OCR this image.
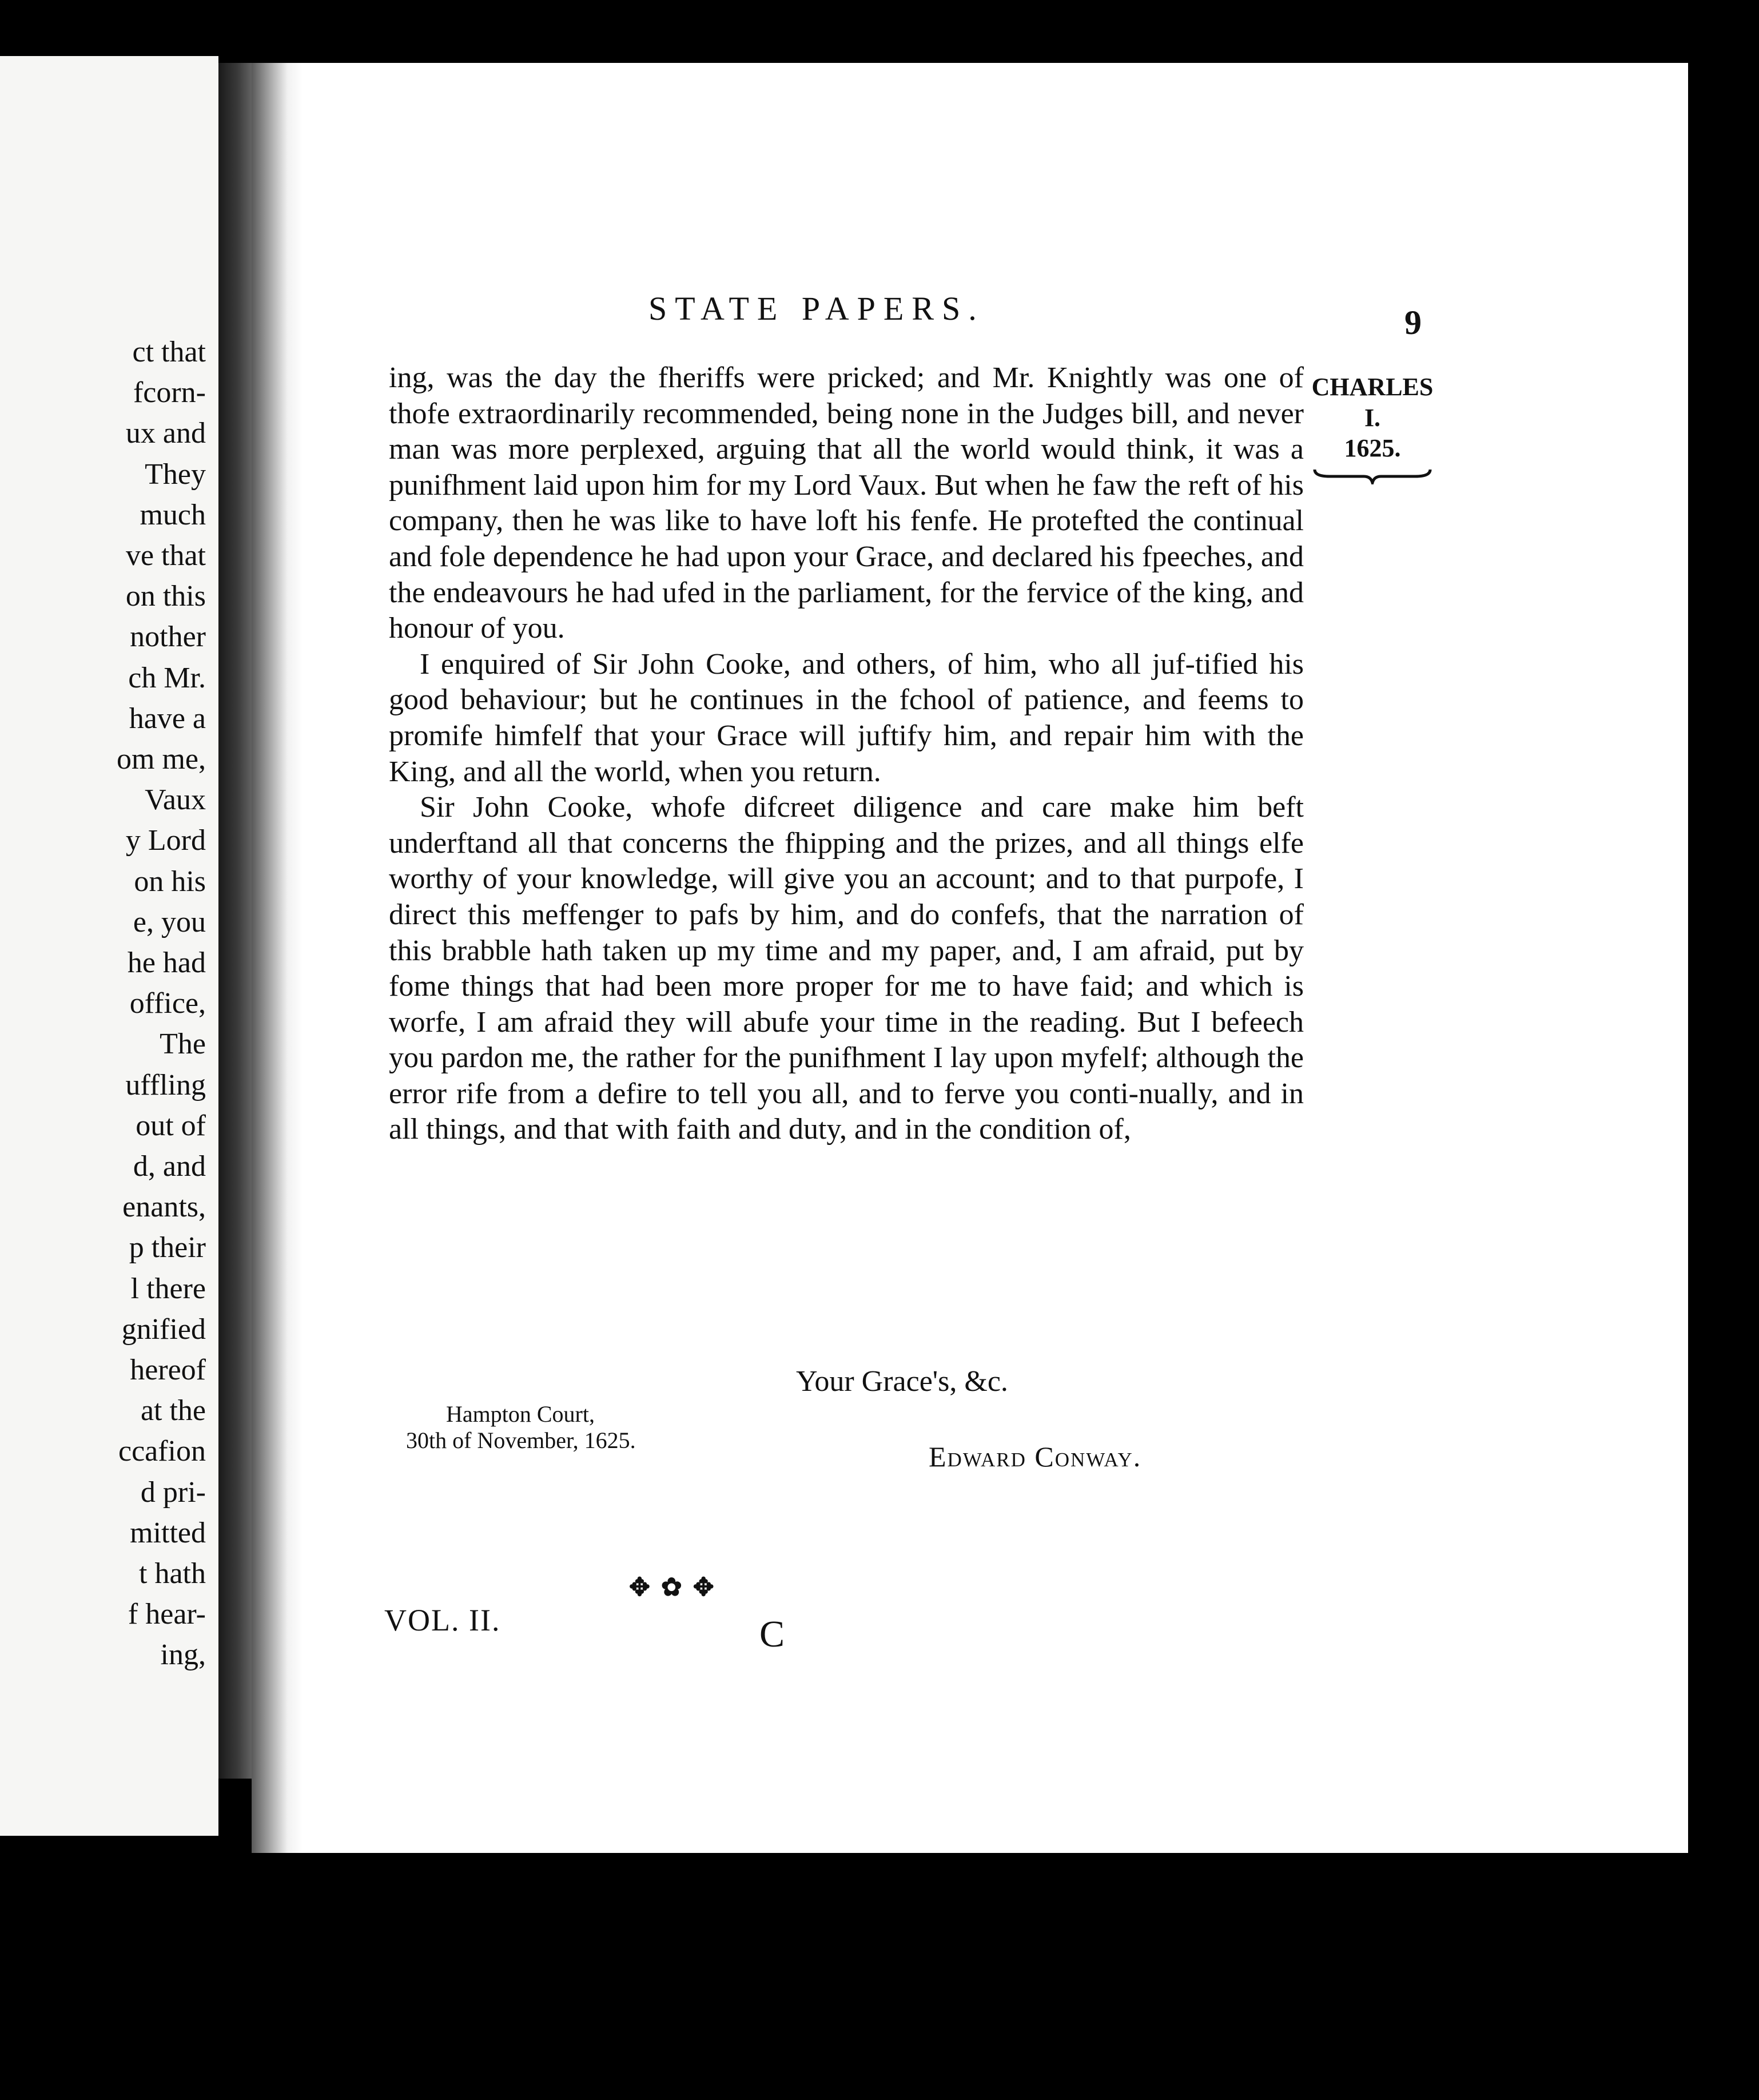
ct that
fcorn-
ux and
They
much
ve that
on this
nother
ch Mr.
have a
om me,
Vaux
y Lord
on his
e, you
he had
office,
The
uffling
out of
d, and
enants,
p their
l there
gnified
hereof
at the
ccafion
d pri-
mitted
t hath
f hear-
ing,
STATE PAPERS.	9
CHARLES
I.
1625.

ing, was the day the fheriffs were pricked; and Mr. Knightly was one of thofe extraordinarily recommended, being none in the Judges bill, and never man was more perplexed, arguing that all the world would think, it was a punifhment laid upon him for my Lord Vaux. But when he faw the reft of his company, then he was like to have loft his fenfe. He protefted the continual and fole dependence he had upon your Grace, and declared his fpeeches, and the endeavours he had ufed in the parliament, for the fervice of the king, and honour of you.

I enquired of Sir John Cooke, and others, of him, who all juf-tified his good behaviour; but he continues in the fchool of patience, and feems to promife himfelf that your Grace will juftify him, and repair him with the King, and all the world, when you return.

Sir John Cooke, whofe difcreet diligence and care make him beft underftand all that concerns the fhipping and the prizes, and all things elfe worthy of your knowledge, will give you an account; and to that purpofe, I direct this meffenger to pafs by him, and do confefs, that the narration of this brabble hath taken up my time and my paper, and, I am afraid, put by fome things that had been more proper for me to have faid; and which is worfe, I am afraid they will abufe your time in the reading. But I befeech you pardon me, the rather for the punifhment I lay upon myfelf; although the error rife from a defire to tell you all, and to ferve you conti-nually, and in all things, and that with faith and duty, and in the condition of,

Your Grace's, &c.
Hampton Court,
30th of November, 1625.
Edward Conway.
✥ ✿ ✥
VOL. II.	C
